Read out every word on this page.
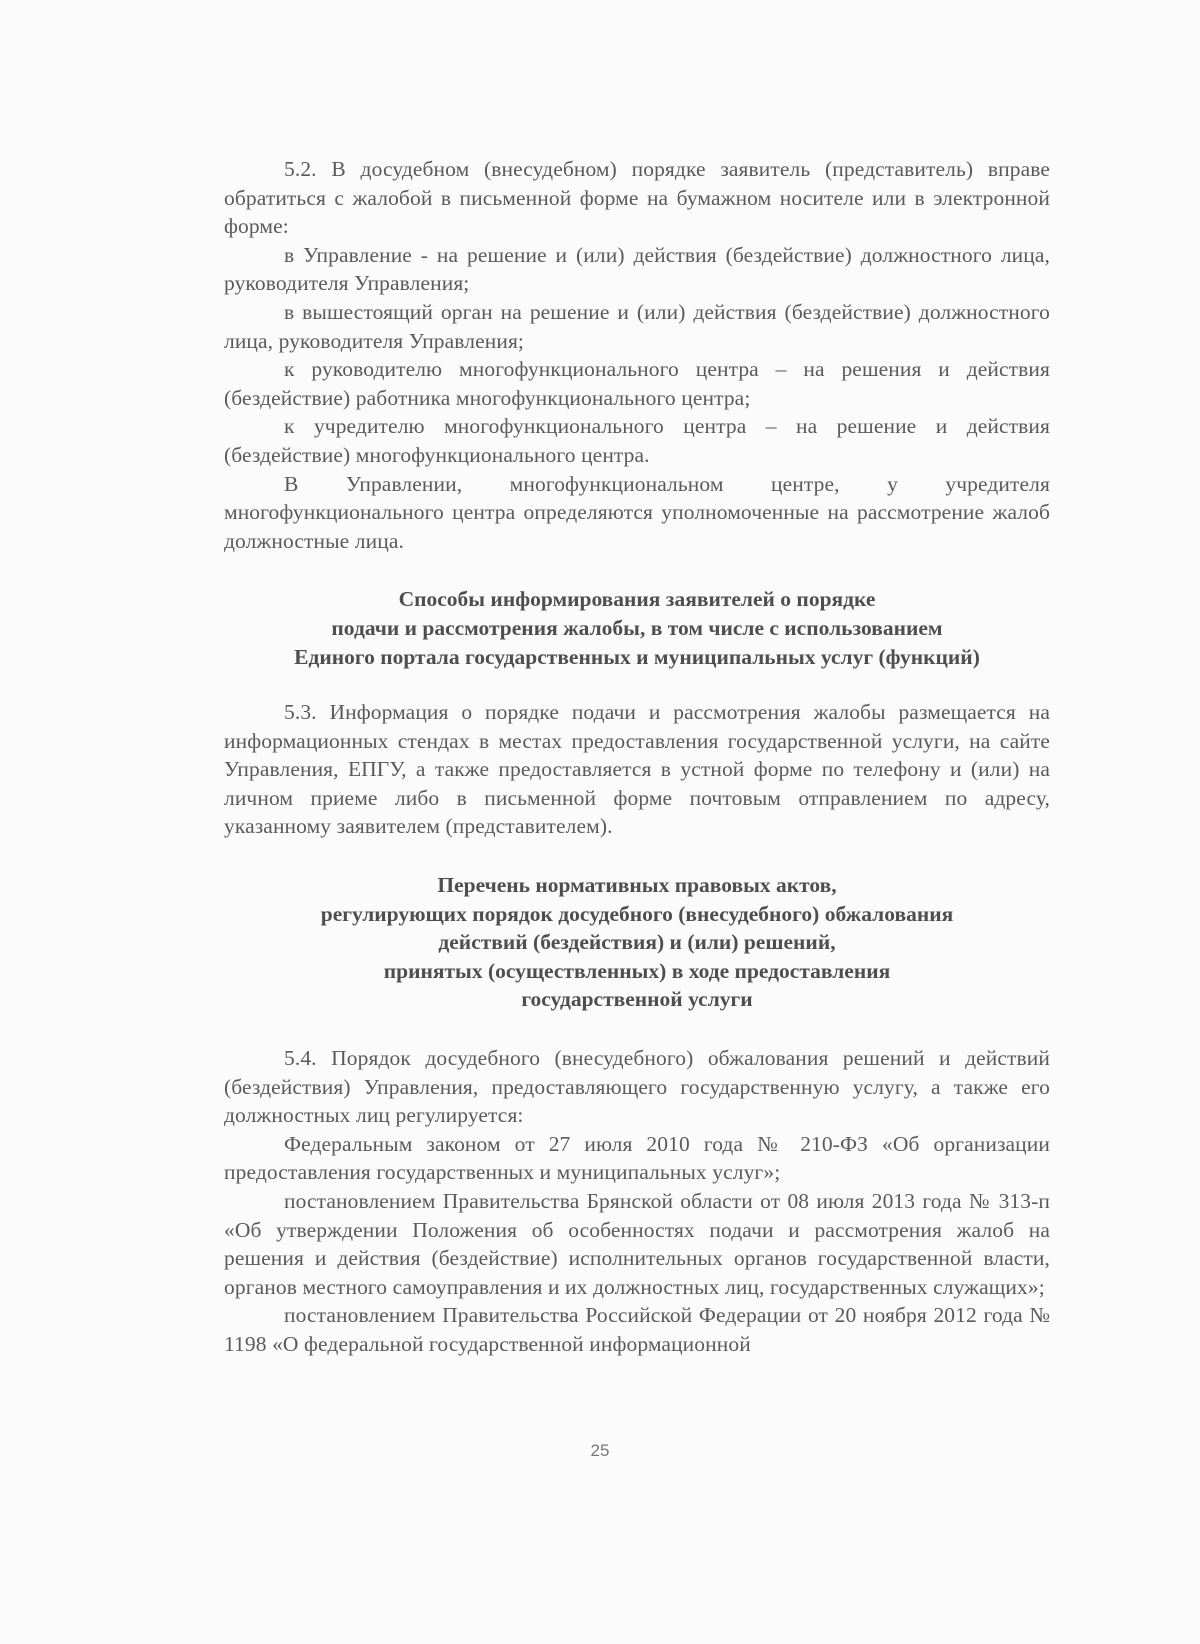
5.2. В досудебном (внесудебном) порядке заявитель (представитель) вправе обратиться с жалобой в письменной форме на бумажном носителе или в электронной форме:

в Управление - на решение и (или) действия (бездействие) должностного лица, руководителя Управления;

в вышестоящий орган на решение и (или) действия (бездействие) должностного лица, руководителя Управления;

к руководителю многофункционального центра – на решения и действия (бездействие) работника многофункционального центра;

к учредителю многофункционального центра – на решение и действия (бездействие) многофункционального центра.

В Управлении, многофункциональном центре, у учредителя многофункционального центра определяются уполномоченные на рассмотрение жалоб должностные лица.

Способы информирования заявителей о порядке
подачи и рассмотрения жалобы, в том числе с использованием
Единого портала государственных и муниципальных услуг (функций)

5.3. Информация о порядке подачи и рассмотрения жалобы размещается на информационных стендах в местах предоставления государственной услуги, на сайте Управления, ЕПГУ, а также предоставляется в устной форме по телефону и (или) на личном приеме либо в письменной форме почтовым отправлением по адресу, указанному заявителем (представителем).

Перечень нормативных правовых актов,
регулирующих порядок досудебного (внесудебного) обжалования
действий (бездействия) и (или) решений,
принятых (осуществленных) в ходе предоставления
государственной услуги

5.4. Порядок досудебного (внесудебного) обжалования решений и действий (бездействия) Управления, предоставляющего государственную услугу, а также его должностных лиц регулируется:

Федеральным законом от 27 июля 2010 года № 210-ФЗ «Об организации предоставления государственных и муниципальных услуг»;

постановлением Правительства Брянской области от 08 июля 2013 года № 313-п «Об утверждении Положения об особенностях подачи и рассмотрения жалоб на решения и действия (бездействие) исполнительных органов государственной власти, органов местного самоуправления и их должностных лиц, государственных служащих»;

постановлением Правительства Российской Федерации от 20 ноября 2012 года № 1198 «О федеральной государственной информационной

25
